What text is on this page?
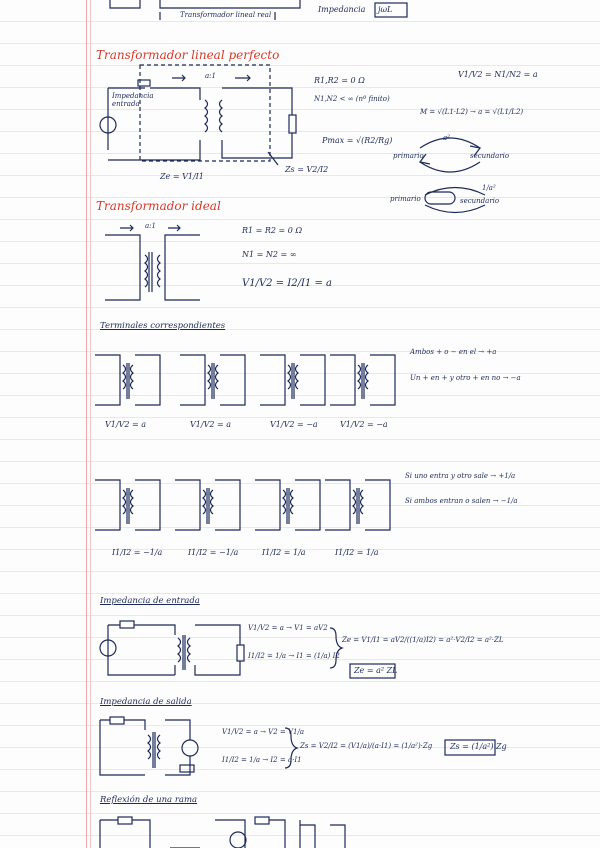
Transformador lineal real
Impedancia jωL
Transformador lineal perfecto
Impedancia entrada
a:1	R1,R2 = 0 Ω
N1,N2 < ∞ (nº finito)
Pmax = √(R2/Rg)
V1/V2 = N1/N2 = a
M = √(L1·L2) → a = √(L1/L2)
Ze = V1/I1
Zs = V2/I2
primario	secundario
a²
primario	secundario
1/a²
Transformador ideal
a:1	R1 = R2 = 0 Ω
N1 = N2 = ∞
V1/V2 = I2/I1 = a
Terminales correspondientes
Ambos + o − en el → +a
Un + en + y otro + en no → −a
V1/V2 = a	V1/V2 = a	V1/V2 = −a	V1/V2 = −a
Si uno entra y otro sale → +1/a
Si ambos entran o salen → −1/a
I1/I2 = −1/a	I1/I2 = −1/a	I1/I2 = 1/a	I1/I2 = 1/a
Impedancia de entrada
V1/V2 = a → V1 = aV2
I1/I2 = 1/a → I1 = (1/a) I2
Ze = V1/I1 = aV2/((1/a)I2) = a²·V2/I2 = a²·ZL
Ze = a² ZL
Impedancia de salida
V1/V2 = a → V2 = V1/a
I1/I2 = 1/a → I2 = a·I1
Zs = V2/I2 = (V1/a)/(a·I1) = (1/a²)·Zg Zs = (1/a²) Zg
Reflexión de una rama
